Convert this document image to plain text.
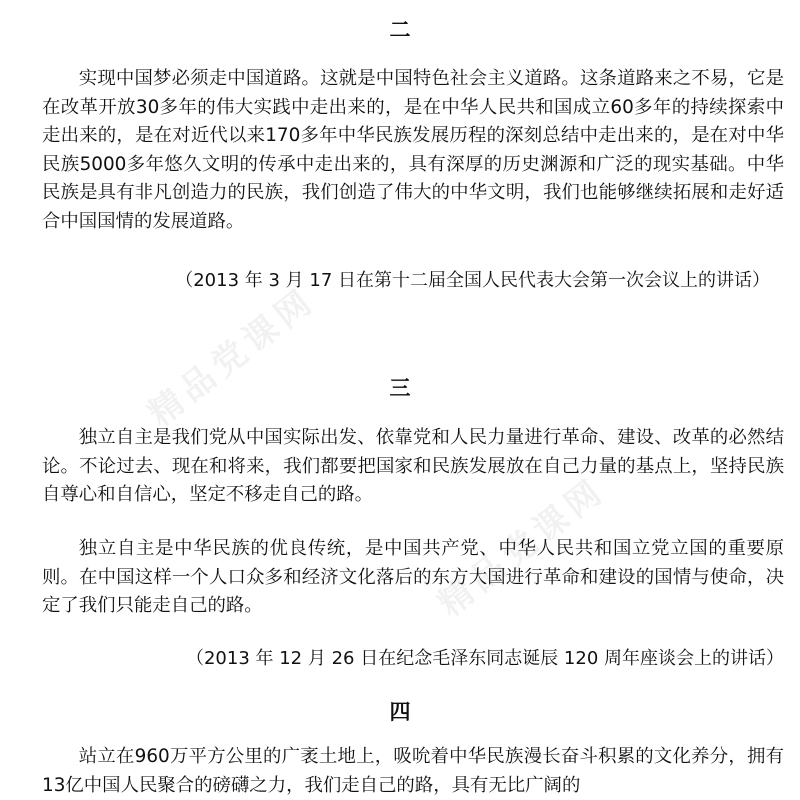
精品党课网
精品党课网
二

实现中国梦必须走中国道路。这就是中国特色社会主义道路。这条道路来之不易，它是在改革开放30多年的伟大实践中走出来的，是在中华人民共和国成立60多年的持续探索中走出来的，是在对近代以来170多年中华民族发展历程的深刻总结中走出来的，是在对中华民族5000多年悠久文明的传承中走出来的，具有深厚的历史渊源和广泛的现实基础。中华民族是具有非凡创造力的民族，我们创造了伟大的中华文明，我们也能够继续拓展和走好适合中国国情的发展道路。

（2013 年 3 月 17 日在第十二届全国人民代表大会第一次会议上的讲话）

三

独立自主是我们党从中国实际出发、依靠党和人民力量进行革命、建设、改革的必然结论。不论过去、现在和将来，我们都要把国家和民族发展放在自己力量的基点上，坚持民族自尊心和自信心，坚定不移走自己的路。

独立自主是中华民族的优良传统，是中国共产党、中华人民共和国立党立国的重要原则。在中国这样一个人口众多和经济文化落后的东方大国进行革命和建设的国情与使命，决定了我们只能走自己的路。

（2013 年 12 月 26 日在纪念毛泽东同志诞辰 120 周年座谈会上的讲话）

四

站立在960万平方公里的广袤土地上，吸吮着中华民族漫长奋斗积累的文化养分，拥有13亿中国人民聚合的磅礴之力，我们走自己的路，具有无比广阔的
